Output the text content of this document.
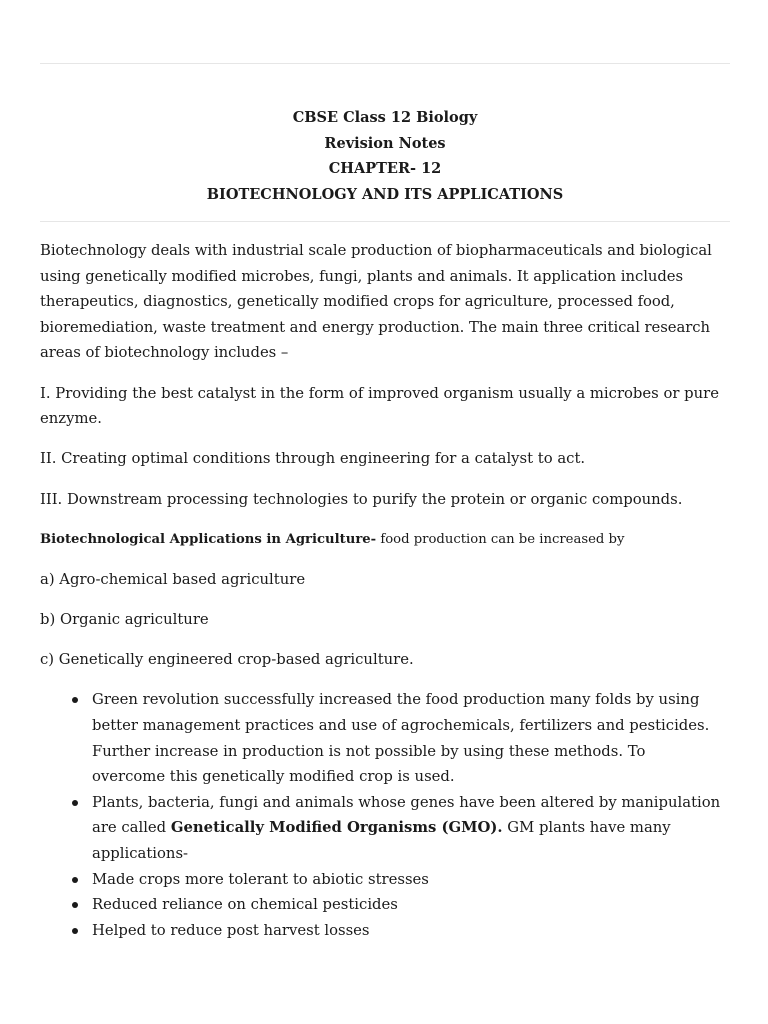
CBSE Class 12 Biology
Revision Notes
CHAPTER- 12
BIOTECHNOLOGY AND ITS APPLICATIONS

Biotechnology deals with industrial scale production of biopharmaceuticals and biological using genetically modified microbes, fungi, plants and animals. It application includes therapeutics, diagnostics, genetically modified crops for agriculture, processed food, bioremediation, waste treatment and energy production. The main three critical research areas of biotechnology includes –

I. Providing the best catalyst in the form of improved organism usually a microbes or pure enzyme.

II. Creating optimal conditions through engineering for a catalyst to act.

III. Downstream processing technologies to purify the protein or organic compounds.

Biotechnological Applications in Agriculture- food production can be increased by

a) Agro-chemical based agriculture

b) Organic agriculture

c) Genetically engineered crop-based agriculture.

Green revolution successfully increased the food production many folds by using better management practices and use of agrochemicals, fertilizers and pesticides. Further increase in production is not possible by using these methods. To overcome this genetically modified crop is used.
Plants, bacteria, fungi and animals whose genes have been altered by manipulation are called Genetically Modified Organisms (GMO). GM plants have many applications-
Made crops more tolerant to abiotic stresses
Reduced reliance on chemical pesticides
Helped to reduce post harvest losses
